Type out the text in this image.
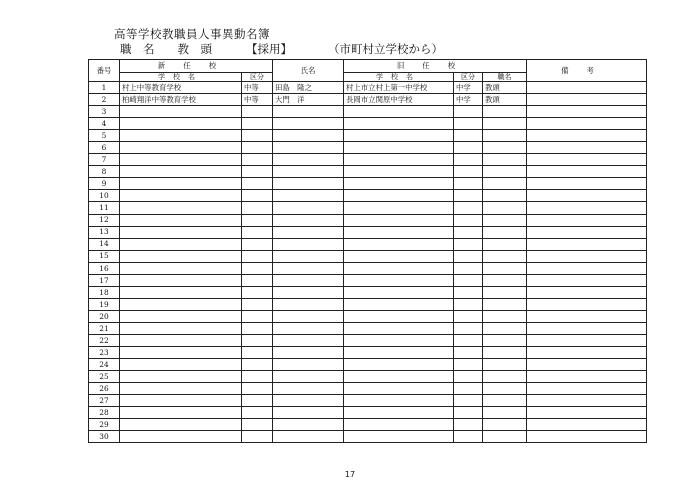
高等学校教職員人事異動名簿
職　名　　教　頭	【採用】	（市町村立学校から）
番号	新任校		氏名	旧任校			備考
	学校名	区分		学校名	区分	職名	
1	村上中等教育学校	中等	田島　隆之	村上市立村上第一中学校	中学	教頭	
2	柏崎翔洋中等教育学校	中等	大門　洋	長岡市立関原中学校	中学	教頭	
3							
4							
5							
6							
7							
8							
9							
10							
11							
12							
13							
14							
15							
16							
17							
18							
19							
20							
21							
22							
23							
24							
25							
26							
27							
28							
29							
30							
17
